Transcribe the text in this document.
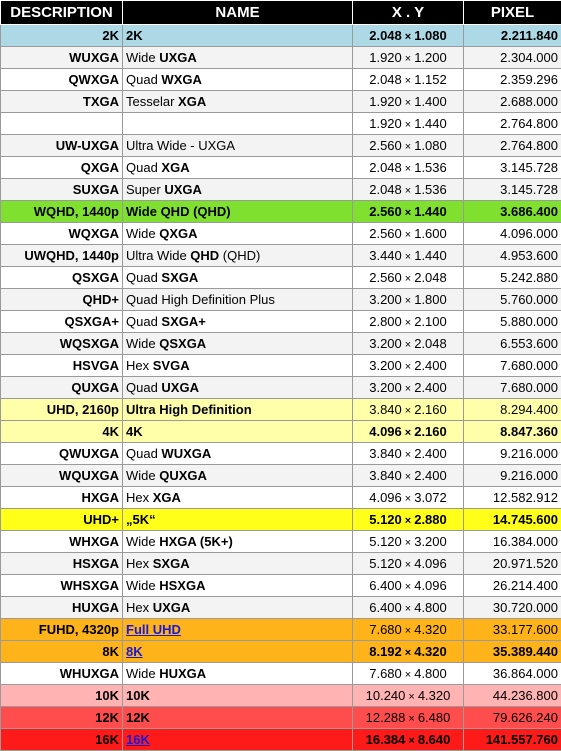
DESCRIPTION	NAME	X . Y	PIXEL
2K	2K	2.048 × 1.080	2.211.840
WUXGA	Wide UXGA	1.920 × 1.200	2.304.000
QWXGA	Quad WXGA	2.048 × 1.152	2.359.296
TXGA	Tesselar XGA	1.920 × 1.400	2.688.000
		1.920 × 1.440	2.764.800
UW-UXGA	Ultra Wide - UXGA	2.560 × 1.080	2.764.800
QXGA	Quad XGA	2.048 × 1.536	3.145.728
SUXGA	Super UXGA	2.048 × 1.536	3.145.728
WQHD, 1440p	Wide QHD (QHD)	2.560 × 1.440	3.686.400
WQXGA	Wide QXGA	2.560 × 1.600	4.096.000
UWQHD, 1440p	Ultra Wide QHD (QHD)	3.440 × 1.440	4.953.600
QSXGA	Quad SXGA	2.560 × 2.048	5.242.880
QHD+	Quad High Definition Plus	3.200 × 1.800	5.760.000
QSXGA+	Quad SXGA+	2.800 × 2.100	5.880.000
WQSXGA	Wide QSXGA	3.200 × 2.048	6.553.600
HSVGA	Hex SVGA	3.200 × 2.400	7.680.000
QUXGA	Quad UXGA	3.200 × 2.400	7.680.000
UHD, 2160p	Ultra High Definition	3.840 × 2.160	8.294.400
4K	4K	4.096 × 2.160	8.847.360
QWUXGA	Quad WUXGA	3.840 × 2.400	9.216.000
WQUXGA	Wide QUXGA	3.840 × 2.400	9.216.000
HXGA	Hex XGA	4.096 × 3.072	12.582.912
UHD+	„5K“	5.120 × 2.880	14.745.600
WHXGA	Wide HXGA (5K+)	5.120 × 3.200	16.384.000
HSXGA	Hex SXGA	5.120 × 4.096	20.971.520
WHSXGA	Wide HSXGA	6.400 × 4.096	26.214.400
HUXGA	Hex UXGA	6.400 × 4.800	30.720.000
FUHD, 4320p	Full UHD	7.680 × 4.320	33.177.600
8K	8K	8.192 × 4.320	35.389.440
WHUXGA	Wide HUXGA	7.680 × 4.800	36.864.000
10K	10K	10.240 × 4.320	44.236.800
12K	12K	12.288 × 6.480	79.626.240
16K	16K	16.384 × 8.640	141.557.760
